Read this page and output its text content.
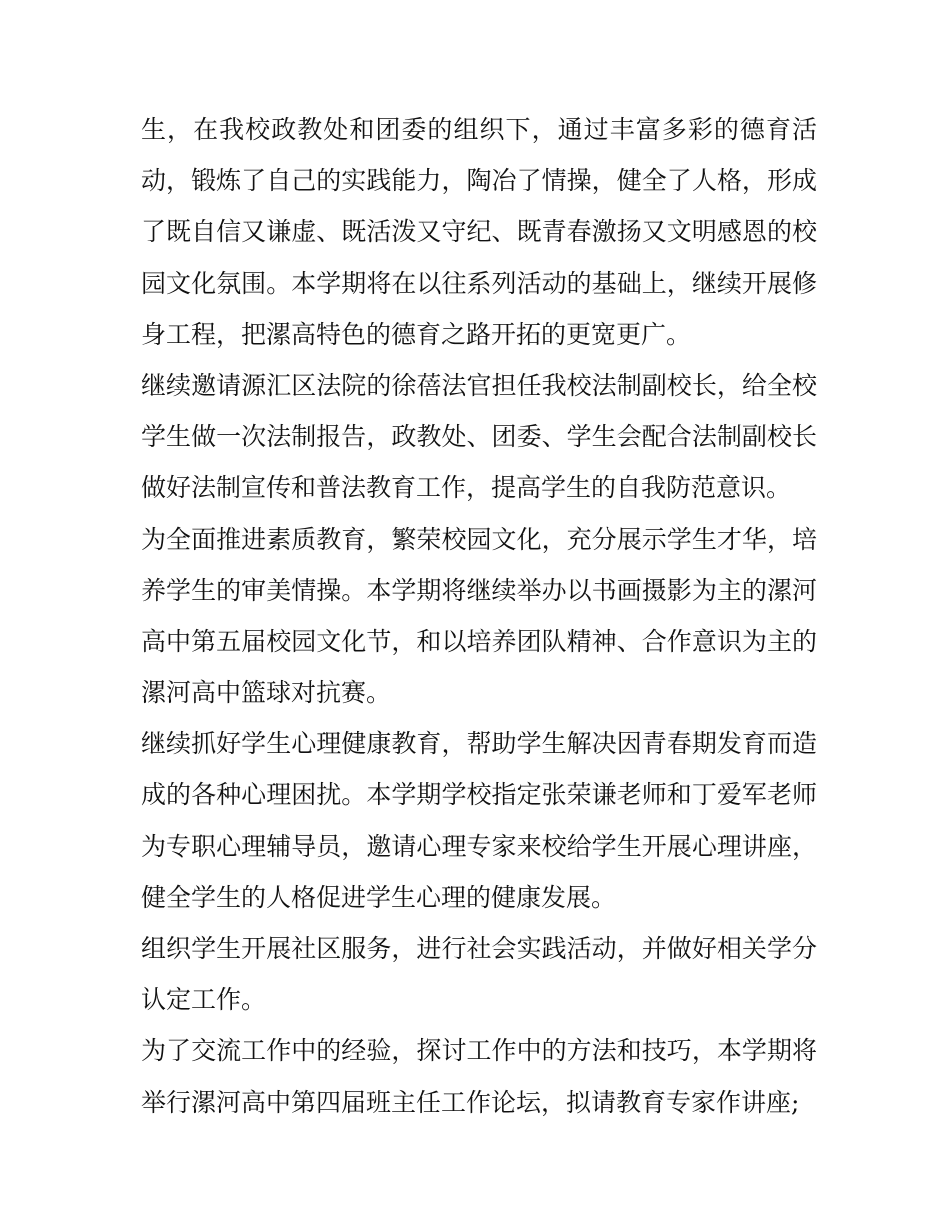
生，在我校政教处和团委的组织下，通过丰富多彩的德育活
动，锻炼了自己的实践能力，陶冶了情操，健全了人格，形成
了既自信又谦虚、既活泼又守纪、既青春激扬又文明感恩的校
园文化氛围。本学期将在以往系列活动的基础上，继续开展修
身工程，把漯高特色的德育之路开拓的更宽更广。
继续邀请源汇区法院的徐蓓法官担任我校法制副校长，给全校
学生做一次法制报告，政教处、团委、学生会配合法制副校长
做好法制宣传和普法教育工作，提高学生的自我防范意识。
为全面推进素质教育，繁荣校园文化，充分展示学生才华，培
养学生的审美情操。本学期将继续举办以书画摄影为主的漯河
高中第五届校园文化节，和以培养团队精神、合作意识为主的
漯河高中篮球对抗赛。
继续抓好学生心理健康教育，帮助学生解决因青春期发育而造
成的各种心理困扰。本学期学校指定张荣谦老师和丁爱军老师
为专职心理辅导员，邀请心理专家来校给学生开展心理讲座，
健全学生的人格促进学生心理的健康发展。
组织学生开展社区服务，进行社会实践活动，并做好相关学分
认定工作。
为了交流工作中的经验，探讨工作中的方法和技巧，本学期将
举行漯河高中第四届班主任工作论坛，拟请教育专家作讲座;
